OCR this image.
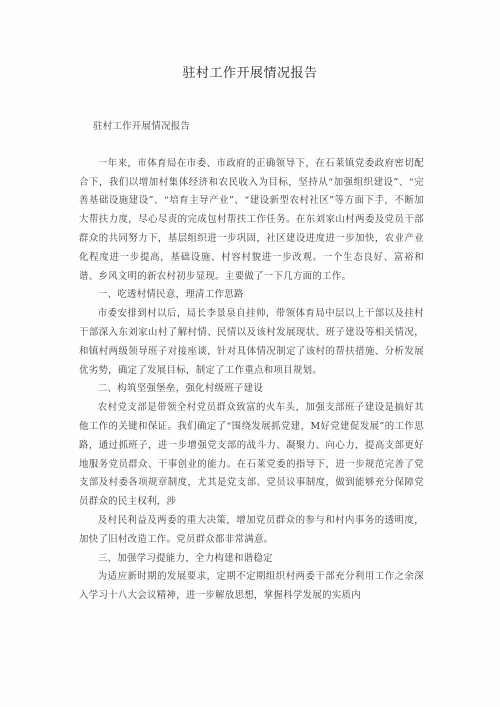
驻村工作开展情况报告

驻村工作开展情况报告

一年来，市体育局在市委、市政府的正确领导下，在石莱镇党委政府密切配合下，我们以增加村集体经济和农民收入为目标，坚持从“加强组织建设”、“完善基础设施建设”、“培育主导产业”、“建设新型农村社区”等方面下手，不断加大帮扶力度，尽心尽责的完成包村帮扶工作任务。在东刘家山村两委及党员干部群众的共同努力下，基层组织进一步巩固，社区建设进度进一步加快，农业产业化程度进一步提高，基础设施、村容村貌进一步改观。一个生态良好、富裕和谐、乡风文明的新农村初步显现。主要做了一下几方面的工作。

一、吃透村情民意，理清工作思路

市委安排到村以后，局长李景泉自挂帅，带领体育局中层以上干部以及挂村干部深入东刘家山村了解村情、民情以及该村发展现状、班子建设等相关情况，和镇村两级领导班子对接座谈，针对具体情况制定了该村的帮扶措施、分析发展优劣势，确定了发展目标，制定了工作重点和项目规划。

二、构筑坚强堡垒，强化村级班子建设

农村党支部是带领全村党员群众致富的火车头，加强支部班子建设是搞好其他工作的关键和保证。我们确定了“围绕发展抓党建，M好党建促发展”的工作思路，通过抓班子，进一步增强党支部的战斗力、凝聚力、向心力，提高支部更好地服务党员群众、干事创业的能力。在石莱党委的指导下，进一步规范完善了党支部及村委各项规章制度，尤其是党支部、党员议事制度，做到能够充分保障党员群众的民主权利，涉

及村民利益及两委的重大决策，增加党员群众的参与和村内事务的透明度，加快了旧村改造工作。党员群众都非常满意。

三、加强学习提能力，全力构建和谐稳定

为适应新时期的发展要求，定期不定期组织村两委干部充分利用工作之余深入学习十八大会议精神，进一步解放思想，掌握科学发展的实质内
